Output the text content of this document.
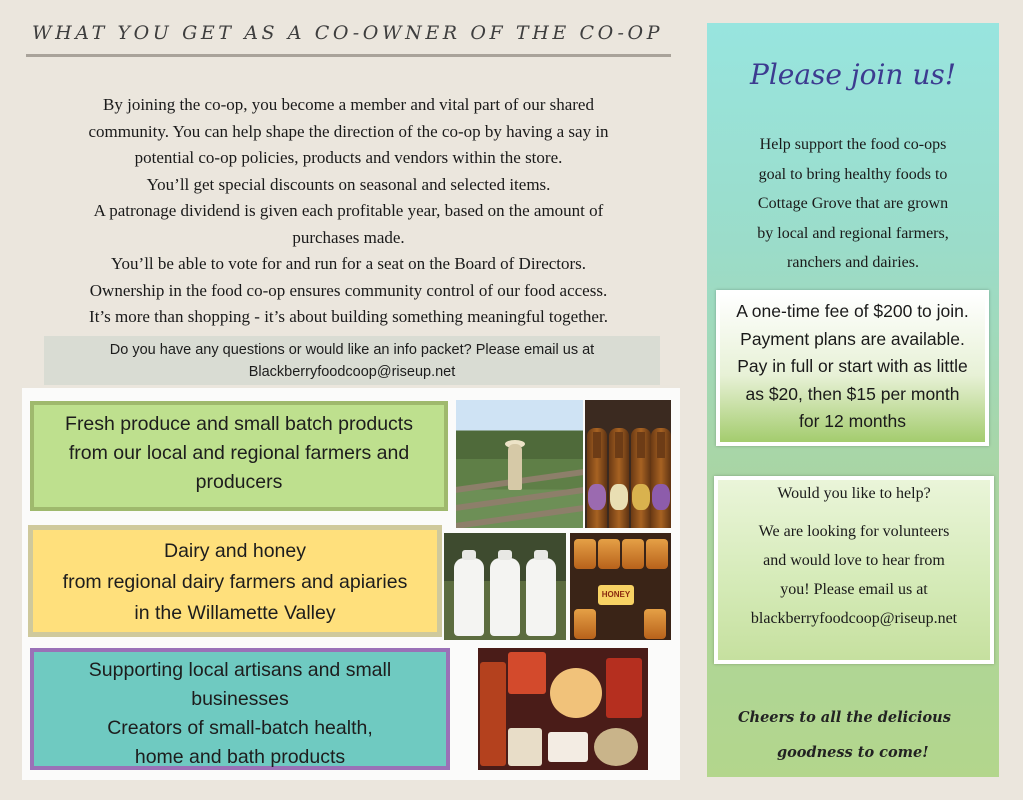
WHAT YOU GET AS A CO-OWNER OF THE CO-OP
By joining the co-op, you become a member and vital part of our shared
community. You can help shape the direction of the co-op by having a say in
potential co-op policies, products and vendors within the store.
You’ll get special discounts on seasonal and selected items.
A patronage dividend is given each profitable year, based on the amount of
purchases made.
You’ll be able to vote for and run for a seat on the Board of Directors.
Ownership in the food co-op ensures community control of our food access.
It’s more than shopping - it’s about building something meaningful together.
Do you have any questions or would like an info packet? Please email us at
Blackberryfoodcoop@riseup.net
Fresh produce and small batch products
from our local and regional farmers and
producers
Dairy and honey
from regional dairy farmers and apiaries
in the Willamette Valley
Supporting local artisans and small
businesses
Creators of small-batch health,
home and bath products
HONEY
Please join us!
Help support the food co-ops
goal to bring healthy foods to
Cottage Grove that are grown
by local and regional farmers,
ranchers and dairies.
A one-time fee of $200 to join.
Payment plans are available.
Pay in full or start with as little
as $20, then $15 per month
for 12 months
Would you like to help?
We are looking for volunteers
and would love to hear from
you! Please email us at
blackberryfoodcoop@riseup.net
Cheers to all the delicious
goodness to come!
